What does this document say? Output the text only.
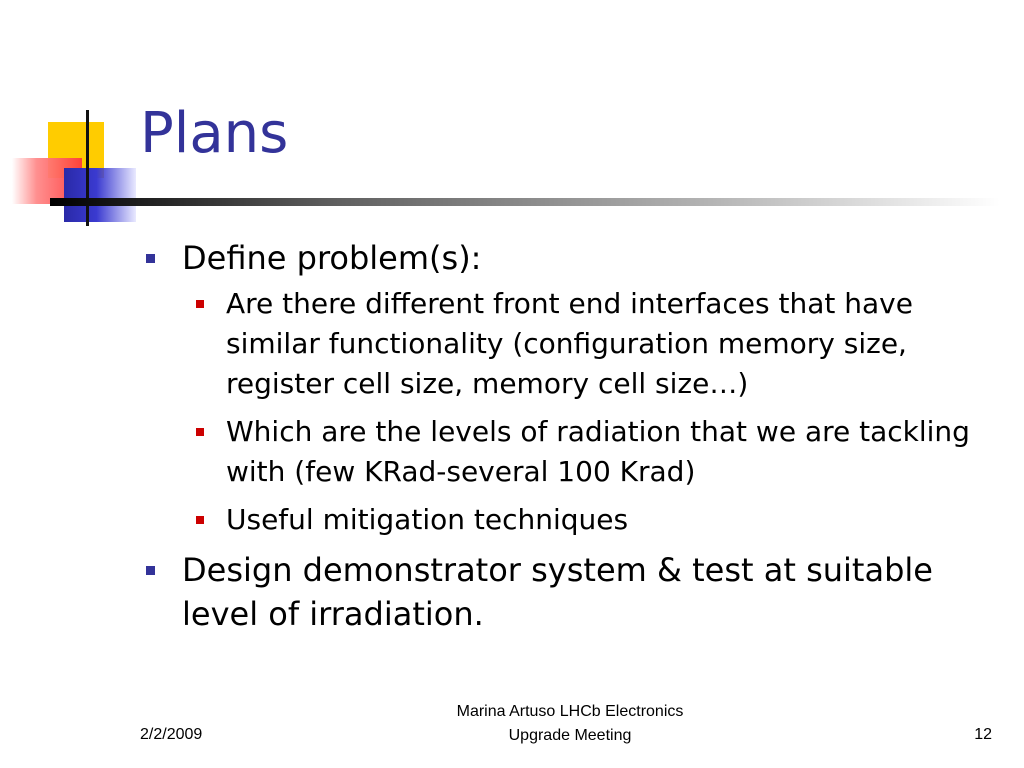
Plans
Define problem(s):
Are there different front end interfaces that have similar functionality (configuration memory size, register cell size, memory cell size…)
Which are the levels of radiation that we are tackling with (few KRad-several 100 Krad)
Useful mitigation techniques
Design demonstrator system & test at suitable level of irradiation.
2/2/2009
Marina Artuso LHCb Electronics
Upgrade Meeting	12
